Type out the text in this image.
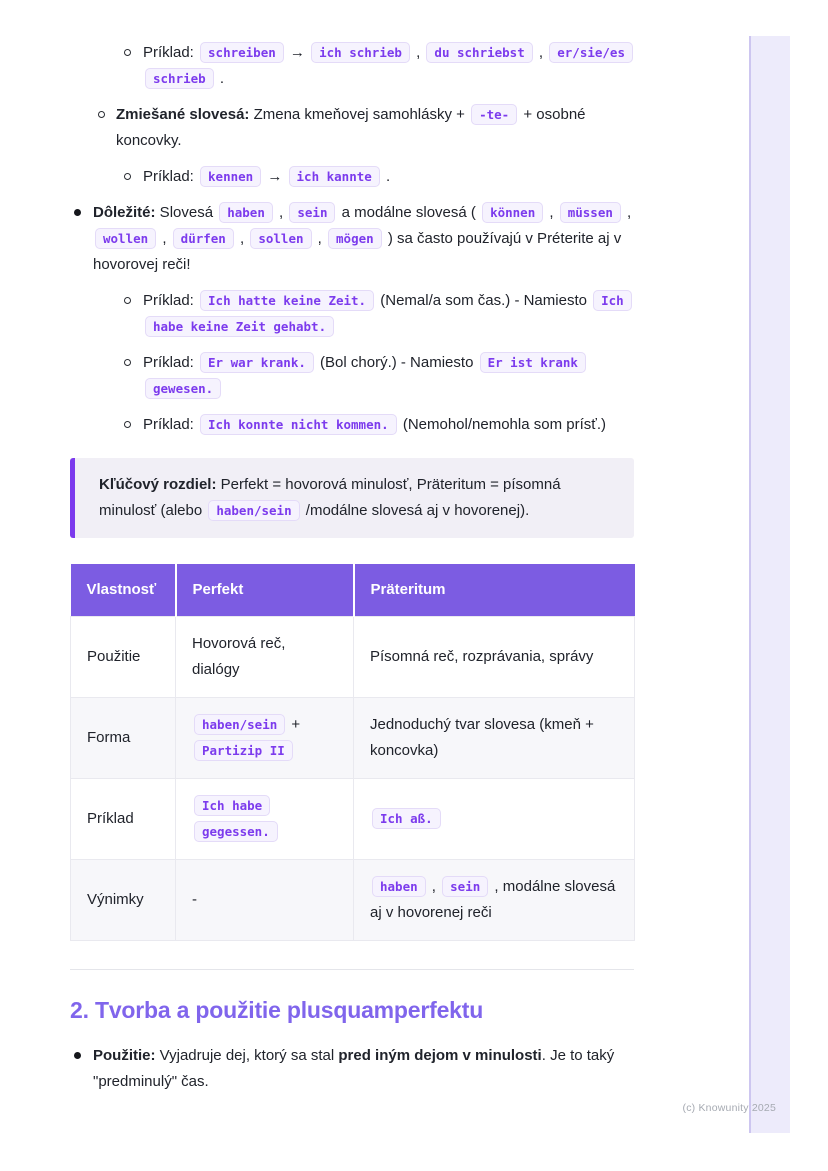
Príklad: schreiben → ich schrieb , du schriebst , er/sie/es schrieb .
Zmiešané slovesá: Zmena kmeňovej samohlásky + -te- + osobné koncovky.
Príklad: kennen → ich kannte .
Dôležité: Slovesá haben , sein a modálne slovesá ( können , müssen , wollen , dürfen , sollen , mögen ) sa často používajú v Préterite aj v hovorovej reči!
Príklad: Ich hatte keine Zeit. (Nemal/a som čas.) - Namiesto Ich habe keine Zeit gehabt.
Príklad: Er war krank. (Bol chorý.) - Namiesto Er ist krank gewesen.
Príklad: Ich konnte nicht kommen. (Nemohol/nemohla som prísť.)
Kľúčový rozdiel: Perfekt = hovorová minulosť, Präteritum = písomná minulosť (alebo haben/sein /modálne slovesá aj v hovorenej).
Vlastnosť	Perfekt	Präteritum
Použitie	Hovorová reč, dialógy	Písomná reč, rozprávania, správy
Forma	haben/sein + Partizip II	Jednoduchý tvar slovesa (kmeň + koncovka)
Príklad	Ich habe gegessen.	Ich aß.
Výnimky	-	haben , sein , modálne slovesá aj v hovorenej reči
2. Tvorba a použitie plusquamperfektu
Použitie: Vyjadruje dej, ktorý sa stal pred iným dejom v minulosti. Je to taký "predminulý" čas.
(c) Knowunity 2025
